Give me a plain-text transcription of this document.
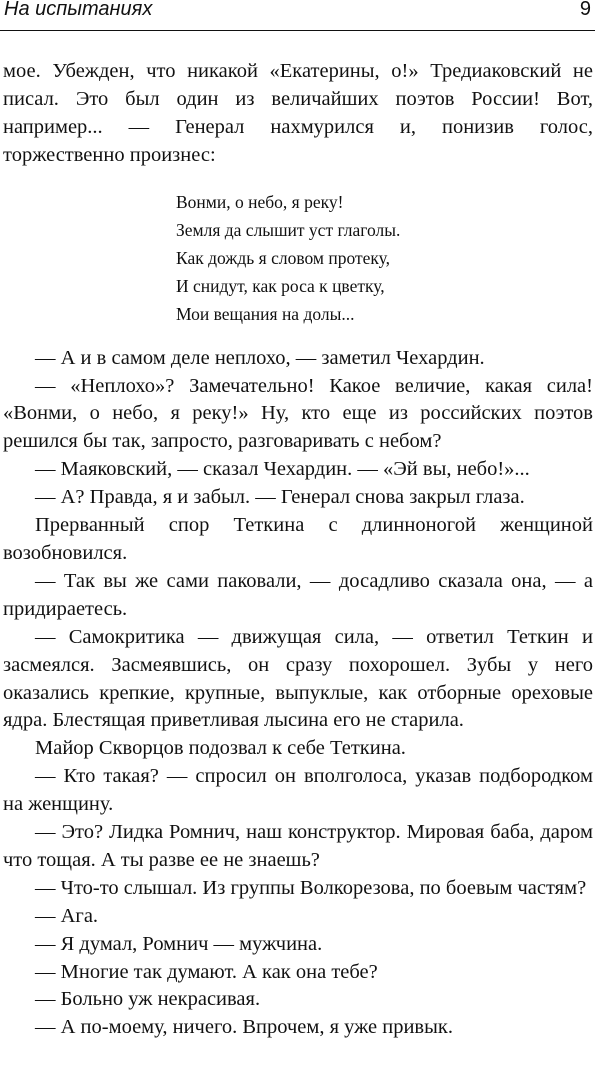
На испытаниях	9

мое. Убежден, что никакой «Екатерины, о!» Тредиаковский не писал. Это был один из величайших поэтов России! Вот, например... — Генерал нахмурился и, понизив голос, торжественно произнес:

Вонми, о небо, я реку!
Земля да слышит уст глаголы.
Как дождь я словом протеку,
И снидут, как роса к цветку,
Мои вещания на долы...

— А и в самом деле неплохо, — заметил Чехардин.

— «Неплохо»? Замечательно! Какое величие, какая сила! «Вонми, о небо, я реку!» Ну, кто еще из российских поэтов решился бы так, запросто, разговаривать с небом?

— Маяковский, — сказал Чехардин. — «Эй вы, небо!»...

— А? Правда, я и забыл. — Генерал снова закрыл глаза.

Прерванный спор Теткина с длинноногой женщиной возобновился.

— Так вы же сами паковали, — досадливо сказала она, — а придираетесь.

— Самокритика — движущая сила, — ответил Теткин и засмеялся. Засмеявшись, он сразу похорошел. Зубы у него оказались крепкие, крупные, выпуклые, как отборные ореховые ядра. Блестящая приветливая лысина его не старила.

Майор Скворцов подозвал к себе Теткина.

— Кто такая? — спросил он вполголоса, указав подбородком на женщину.

— Это? Лидка Ромнич, наш конструктор. Мировая баба, даром что тощая. А ты разве ее не знаешь?

— Что-то слышал. Из группы Волкорезова, по боевым частям?

— Ага.

— Я думал, Ромнич — мужчина.

— Многие так думают. А как она тебе?

— Больно уж некрасивая.

— А по-моему, ничего. Впрочем, я уже привык.
